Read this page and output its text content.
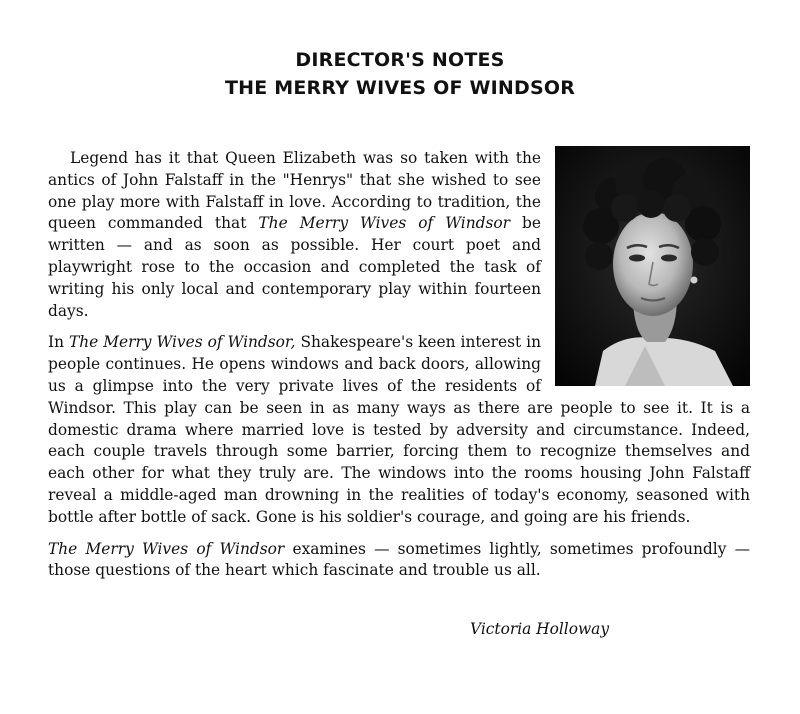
DIRECTOR'S NOTES
THE MERRY WIVES OF WINDSOR

Legend has it that Queen Elizabeth was so taken with the antics of John Falstaff in the "Henrys" that she wished to see one play more with Falstaff in love. According to tradition, the queen commanded that The Merry Wives of Windsor be written — and as soon as possible. Her court poet and playwright rose to the occasion and completed the task of writing his only local and contemporary play within fourteen days.

In The Merry Wives of Windsor, Shakespeare's keen interest in people continues. He opens windows and back doors, allowing us a glimpse into the very private lives of the residents of Windsor. This play can be seen in as many ways as there are people to see it. It is a domestic drama where married love is tested by adversity and circumstance. Indeed, each couple travels through some barrier, forcing them to recognize themselves and each other for what they truly are. The windows into the rooms housing John Falstaff reveal a middle-aged man drowning in the realities of today's economy, seasoned with bottle after bottle of sack. Gone is his soldier's courage, and going are his friends.

The Merry Wives of Windsor examines — sometimes lightly, sometimes profoundly — those questions of the heart which fascinate and trouble us all.

Victoria Holloway
